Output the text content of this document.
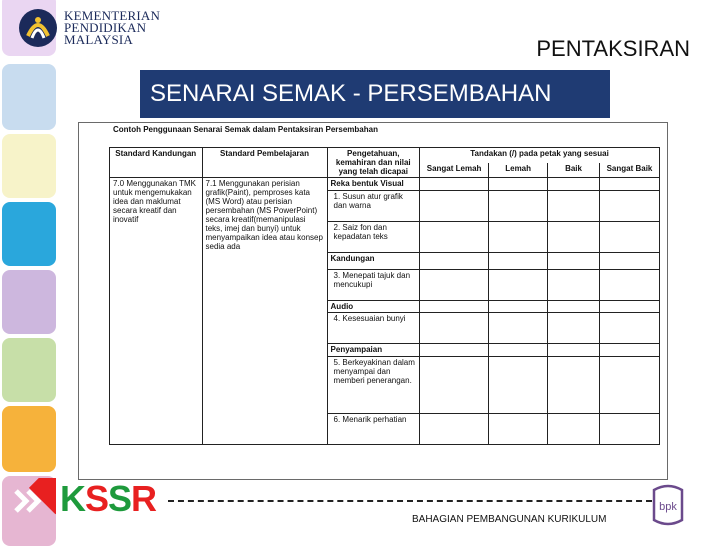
KEMENTERIAN
PENDIDIKAN
MALAYSIA	PENTAKSIRAN
SENARAI SEMAK - PERSEMBAHAN
Contoh Penggunaan Senarai Semak dalam Pentaksiran Persembahan
Standard Kandungan	Standard Pembelajaran	Pengetahuan, kemahiran dan nilai yang telah dicapai	Tandakan (/) pada petak yang sesuai			
			Sangat Lemah	Lemah	Baik	Sangat Baik
7.0 Menggunakan TMK untuk mengemukakan idea dan maklumat secara kreatif dan inovatif	7.1 Menggunakan perisian grafik(Paint), pemproses kata (MS Word) atau perisian persembahan (MS PowerPoint) secara kreatif(memanipulasi teks, imej dan bunyi) untuk menyampaikan idea atau konsep sedia ada	Reka bentuk Visual				
		1. Susun atur grafik dan warna				
		2. Saiz fon dan kepadatan teks				
		Kandungan				
		3. Menepati tajuk dan mencukupi				
		Audio				
		4. Kesesuaian bunyi				
		Penyampaian				
		5. Berkeyakinan dalam menyampai dan memberi penerangan.				
		6. Menarik perhatian				
KSSR
BAHAGIAN PEMBANGUNAN KURIKULUM
bpk
